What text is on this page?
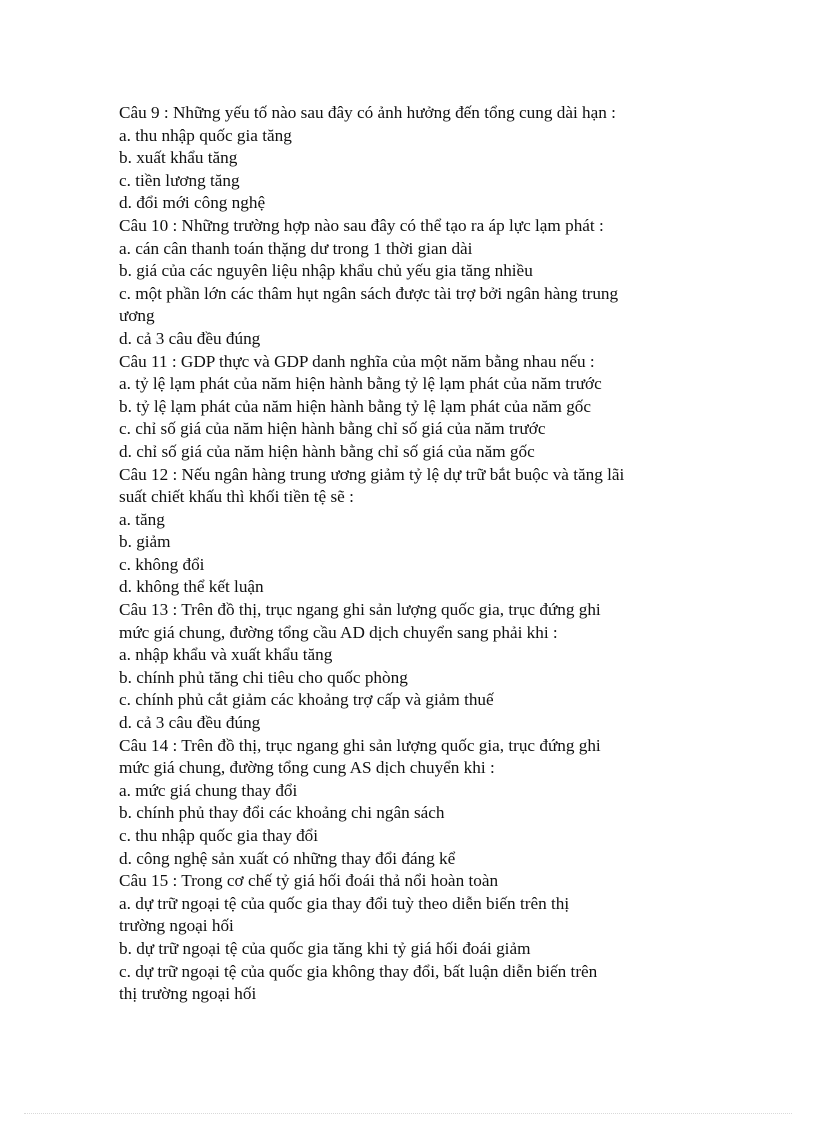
Câu 9 : Những yếu tố nào sau đây có ảnh hưởng đến tổng cung dài hạn :
a. thu nhập quốc gia tăng
b. xuất khẩu tăng
c. tiền lương tăng
d. đổi mới công nghệ
Câu 10 : Những trường hợp nào sau đây có thể tạo ra áp lực lạm phát :
a. cán cân thanh toán thặng dư trong 1 thời gian dài
b. giá của các nguyên liệu nhập khẩu chủ yếu gia tăng nhiều
c. một phần lớn các thâm hụt ngân sách được tài trợ bởi ngân hàng trung
ương
d. cả 3 câu đều đúng
Câu 11 : GDP thực và GDP danh nghĩa của một năm bằng nhau nếu :
a. tỷ lệ lạm phát của năm hiện hành bằng tỷ lệ lạm phát của năm trước
b. tỷ lệ lạm phát của năm hiện hành bằng tỷ lệ lạm phát của năm gốc
c. chỉ số giá của năm hiện hành bằng chỉ số giá của năm trước
d. chỉ số giá của năm hiện hành bằng chỉ số giá của năm gốc
Câu 12 : Nếu ngân hàng trung ương giảm tỷ lệ dự trữ bắt buộc và tăng lãi
suất chiết khấu thì khối tiền tệ sẽ :
a. tăng
b. giảm
c. không đổi
d. không thể kết luận
Câu 13 : Trên đồ thị, trục ngang ghi sản lượng quốc gia, trục đứng ghi
mức giá chung, đường tổng cầu AD dịch chuyển sang phải khi :
a. nhập khẩu và xuất khẩu tăng
b. chính phủ tăng chi tiêu cho quốc phòng
c. chính phủ cắt giảm các khoảng trợ cấp và giảm thuế
d. cả 3 câu đều đúng
Câu 14 : Trên đồ thị, trục ngang ghi sản lượng quốc gia, trục đứng ghi
mức giá chung, đường tổng cung AS dịch chuyển khi :
a. mức giá chung thay đổi
b. chính phủ thay đổi các khoảng chi ngân sách
c. thu nhập quốc gia thay đổi
d. công nghệ sản xuất có những thay đổi đáng kể
Câu 15 : Trong cơ chế tỷ giá hối đoái thả nổi hoàn toàn
a. dự trữ ngoại tệ của quốc gia thay đổi tuỳ theo diễn biến trên thị
trường ngoại hối
b. dự trữ ngoại tệ của quốc gia tăng khi tỷ giá hối đoái giảm
c. dự trữ ngoại tệ của quốc gia không thay đổi, bất luận diễn biến trên
thị trường ngoại hối
